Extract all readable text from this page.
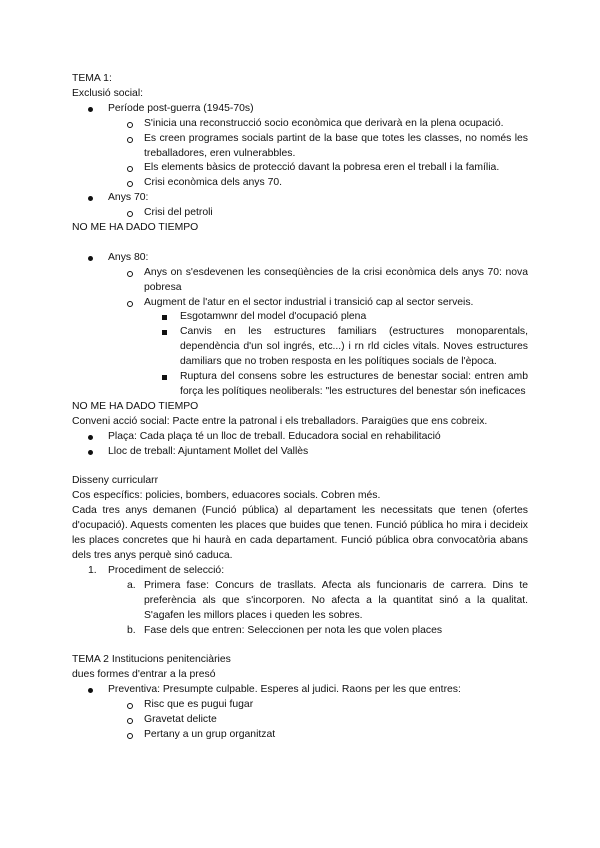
TEMA 1:

Exclusió social:

Període post-guerra (1945-70s)
S'inicia una reconstrucció socio econòmica que derivarà en la plena ocupació.
Es creen programes socials partint de la base que totes les classes, no només les treballadores, eren vulnerabbles.
Els elements bàsics de protecció davant la pobresa eren el treball i la família.
Crisi econòmica dels anys 70.
Anys 70:
Crisi del petroli

NO ME HA DADO TIEMPO

Anys 80:
Anys on s'esdevenen les conseqüències de la crisi econòmica dels anys 70: nova pobresa
Augment de l'atur en el sector industrial i transició cap al sector serveis.
Esgotamwnr del model d'ocupació plena
Canvis en les estructures familiars (estructures monoparentals, dependència d'un sol ingrés, etc...) i rn rld cicles vitals. Noves estructures damiliars que no troben resposta en les polítiques socials de l'època.
Ruptura del consens sobre les estructures de benestar social: entren amb força les polítiques neoliberals: "les estructures del benestar són ineficaces

NO ME HA DADO TIEMPO

Conveni acció social: Pacte entre la patronal i els treballadors. Paraigües que ens cobreix.

Plaça: Cada plaça té un lloc de treball. Educadora social en rehabilitació
Lloc de treball: Ajuntament Mollet del Vallès

Disseny curricularr

Cos específics: policies, bombers, eduacores socials. Cobren més.

Cada tres anys demanen (Funció pública) al departament les necessitats que tenen (ofertes d'ocupació). Aquests comenten les places que buides que tenen. Funció pública ho mira i decideix les places concretes que hi haurà en cada departament. Funció pública obra convocatòria abans dels tres anys perquè sinó caduca.

1. Procediment de selecció:
a. Primera fase: Concurs de trasllats. Afecta als funcionaris de carrera. Dins te preferència als que s'incorporen. No afecta a la quantitat sinó a la qualitat. S'agafen les millors places i queden les sobres.
b. Fase dels que entren: Seleccionen per nota les que volen places

TEMA 2 Institucions penitenciàries

dues formes d'entrar a la presó

Preventiva: Presumpte culpable. Esperes al judici. Raons per les que entres:
Risc que es pugui fugar
Gravetat delicte
Pertany a un grup organitzat
